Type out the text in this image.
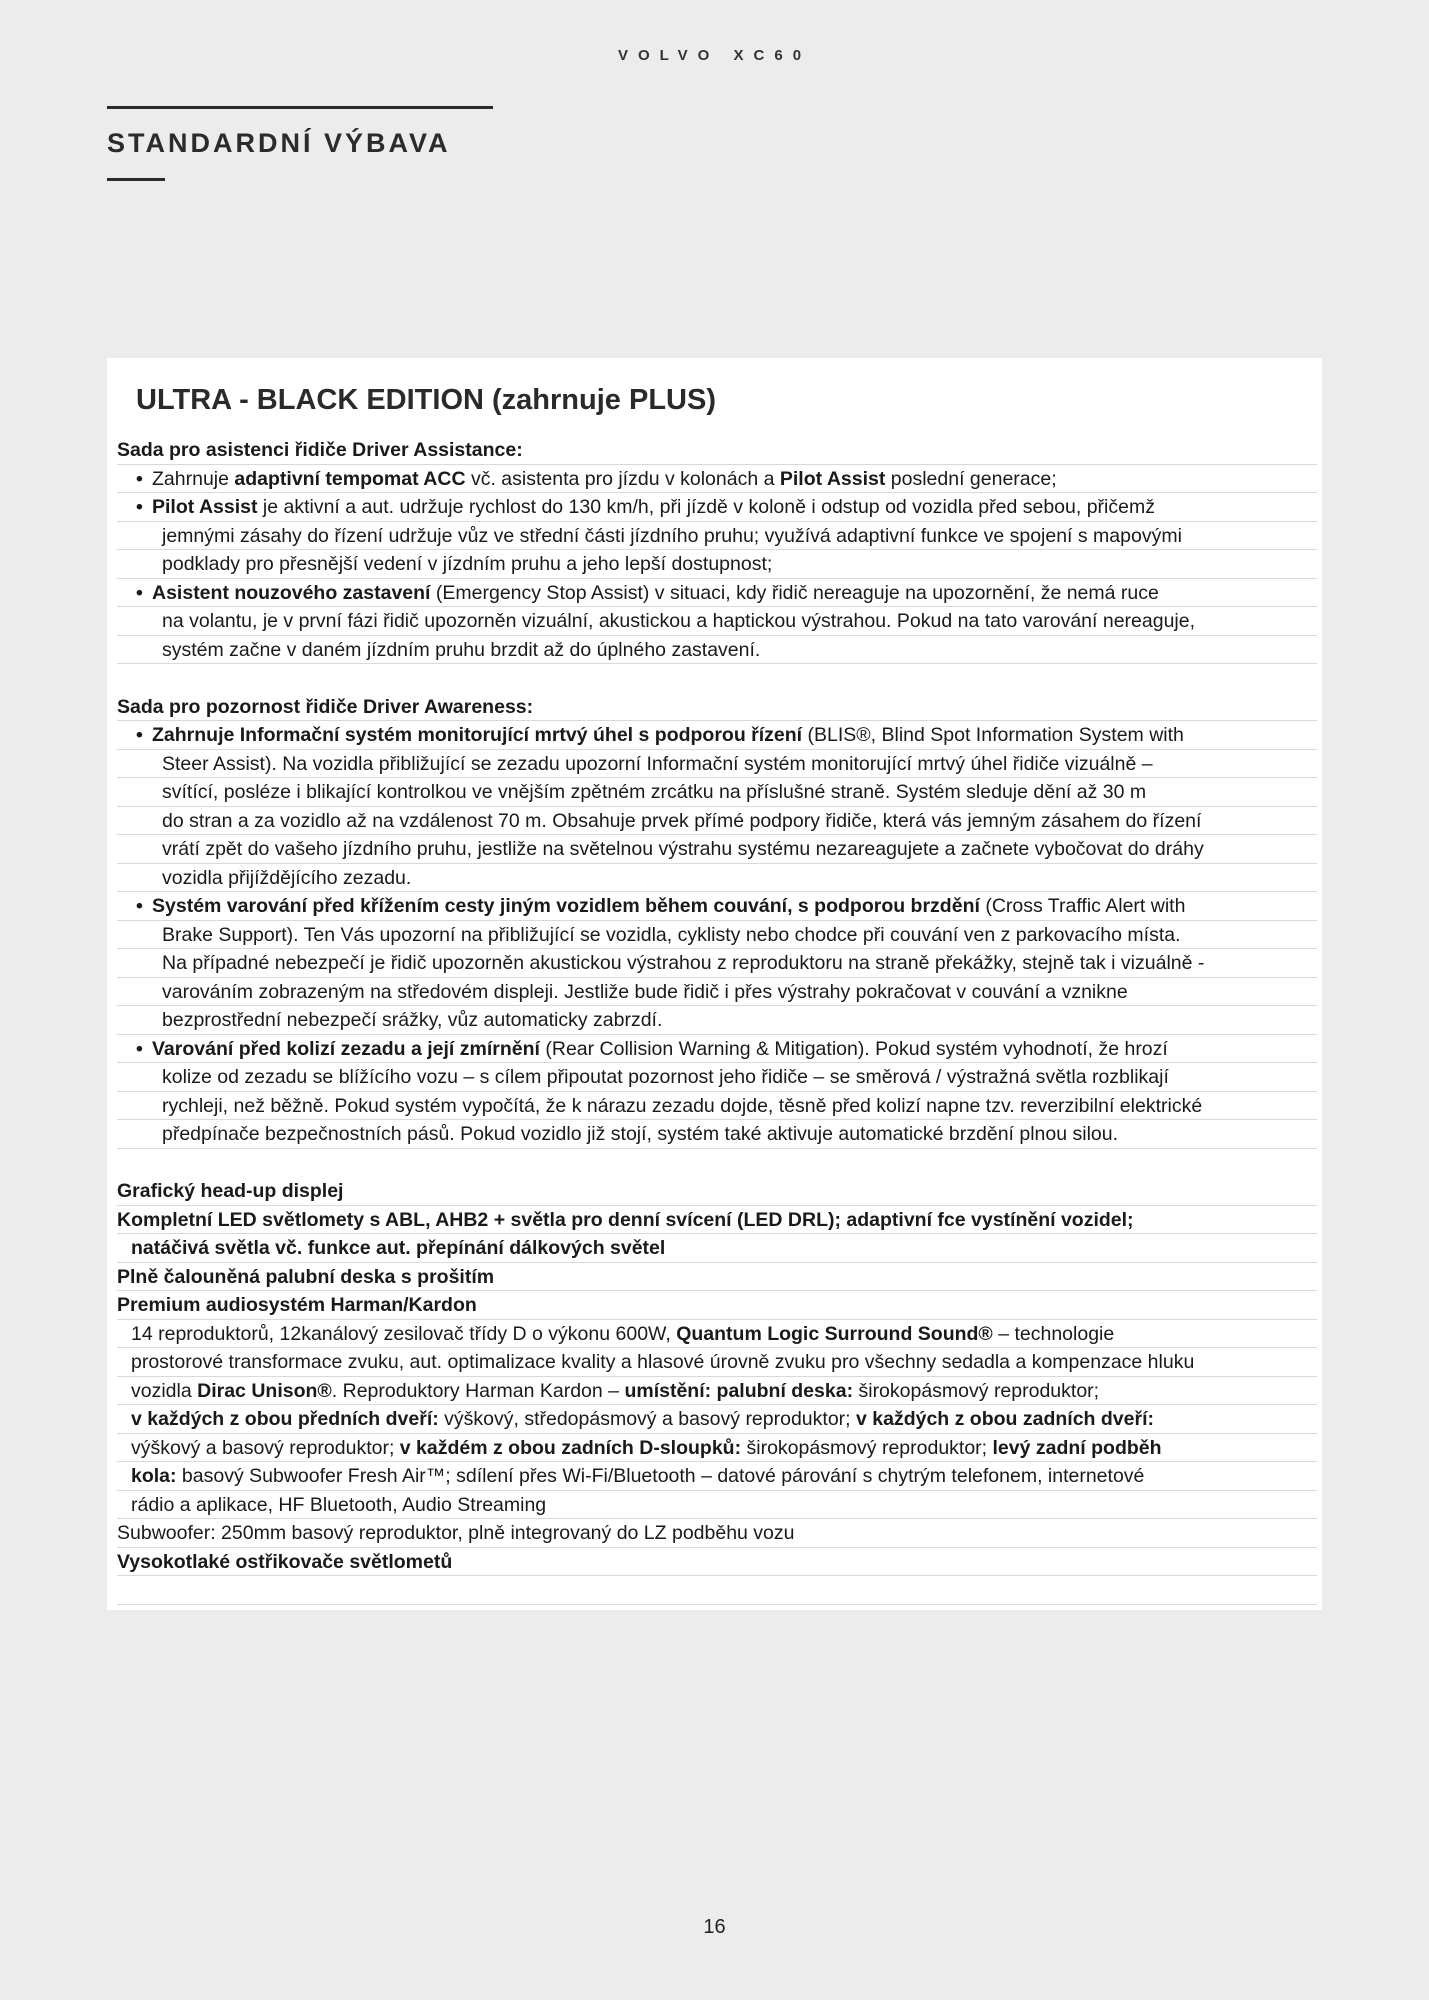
VOLVO XC60
STANDARDNÍ VÝBAVA
ULTRA - BLACK EDITION (zahrnuje PLUS)
Sada pro asistenci řidiče Driver Assistance:
• Zahrnuje adaptivní tempomat ACC vč. asistenta pro jízdu v kolonách a Pilot Assist poslední generace;
• Pilot Assist je aktivní a aut. udržuje rychlost do 130 km/h, při jízdě v koloně i odstup od vozidla před sebou, přičemž
jemnými zásahy do řízení udržuje vůz ve střední části jízdního pruhu; využívá adaptivní funkce ve spojení s mapovými
podklady pro přesnější vedení v jízdním pruhu a jeho lepší dostupnost;
• Asistent nouzového zastavení (Emergency Stop Assist) v situaci, kdy řidič nereaguje na upozornění, že nemá ruce
na volantu, je v první fázi řidič upozorněn vizuální, akustickou a haptickou výstrahou. Pokud na tato varování nereaguje,
systém začne v daném jízdním pruhu brzdit až do úplného zastavení.
Sada pro pozornost řidiče Driver Awareness:
• Zahrnuje Informační systém monitorující mrtvý úhel s podporou řízení (BLIS®, Blind Spot Information System with
Steer Assist). Na vozidla přibližující se zezadu upozorní Informační systém monitorující mrtvý úhel řidiče vizuálně –
svítící, posléze i blikající kontrolkou ve vnějším zpětném zrcátku na příslušné straně. Systém sleduje dění až 30 m
do stran a za vozidlo až na vzdálenost 70 m. Obsahuje prvek přímé podpory řidiče, která vás jemným zásahem do řízení
vrátí zpět do vašeho jízdního pruhu, jestliže na světelnou výstrahu systému nezareagujete a začnete vybočovat do dráhy
vozidla přijíždějícího zezadu.
• Systém varování před křížením cesty jiným vozidlem během couvání, s podporou brzdění (Cross Traffic Alert with
Brake Support). Ten Vás upozorní na přibližující se vozidla, cyklisty nebo chodce při couvání ven z parkovacího místa.
Na případné nebezpečí je řidič upozorněn akustickou výstrahou z reproduktoru na straně překážky, stejně tak i vizuálně -
varováním zobrazeným na středovém displeji. Jestliže bude řidič i přes výstrahy pokračovat v couvání a vznikne
bezprostřední nebezpečí srážky, vůz automaticky zabrzdí.
• Varování před kolizí zezadu a její zmírnění (Rear Collision Warning & Mitigation). Pokud systém vyhodnotí, že hrozí
kolize od zezadu se blížícího vozu – s cílem připoutat pozornost jeho řidiče – se směrová / výstražná světla rozblikají
rychleji, než běžně. Pokud systém vypočítá, že k nárazu zezadu dojde, těsně před kolizí napne tzv. reverzibilní elektrické
předpínače bezpečnostních pásů. Pokud vozidlo již stojí, systém také aktivuje automatické brzdění plnou silou.
Grafický head-up displej
Kompletní LED světlomety s ABL, AHB2 + světla pro denní svícení (LED DRL); adaptivní fce vystínění vozidel;
natáčivá světla vč. funkce aut. přepínání dálkových světel
Plně čalouněná palubní deska s prošitím
Premium audiosystém Harman/Kardon
14 reproduktorů, 12kanálový zesilovač třídy D o výkonu 600W, Quantum Logic Surround Sound® – technologie
prostorové transformace zvuku, aut. optimalizace kvality a hlasové úrovně zvuku pro všechny sedadla a kompenzace hluku
vozidla Dirac Unison®. Reproduktory Harman Kardon – umístění: palubní deska: širokopásmový reproduktor;
v každých z obou předních dveří: výškový, středopásmový a basový reproduktor; v každých z obou zadních dveří:
výškový a basový reproduktor; v každém z obou zadních D-sloupků: širokopásmový reproduktor; levý zadní podběh
kola: basový Subwoofer Fresh Air™; sdílení přes Wi-Fi/Bluetooth – datové párování s chytrým telefonem, internetové
rádio a aplikace, HF Bluetooth, Audio Streaming
Subwoofer: 250mm basový reproduktor, plně integrovaný do LZ podběhu vozu
Vysokotlaké ostřikovače světlometů
16
